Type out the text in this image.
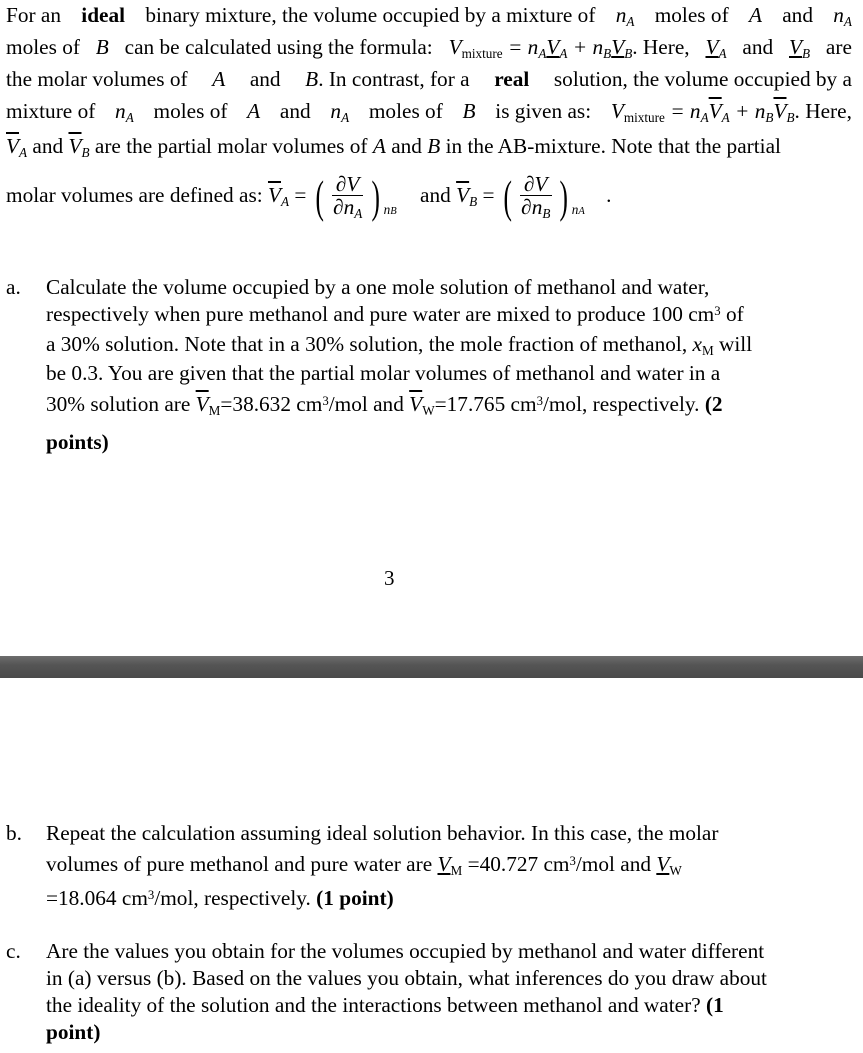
For an ideal binary mixture, the volume occupied by a mixture of nA moles of A and nA
moles of B can be calculated using the formula: Vmixture = nAVA + nBVB. Here, VA and VB are
the molar volumes of A and B. In contrast, for a real solution, the volume occupied by a
mixture of nA moles of A and nA moles of B is given as: Vmixture = $nA\overline{V}A + nB\overline{V}B$. Here,
$\overline{V}A$ and $\overline{V}B$ are the partial molar volumes of A and B in the AB-mixture. Note that the partial
molar volumes are defined as: $\overline{V}A$ = ( $\frac{\partial V}{\partial nA}$ ) $_{nB}$ and $\overline{V}B$ = ( $\frac{\partial V}{\partial nB}$ ) $_{nA}$ .
a. Calculate the volume occupied by a one mole solution of methanol and water,
respectively when pure methanol and pure water are mixed to produce 100 $cm^3$ of
a 30% solution. Note that in a 30% solution, the mole fraction of methanol, xM will
be 0.3. You are given that the partial molar volumes of methanol and water in a
30% solution are $\overline{V}M=38.632$ $cm^3$/mol and $\overline{V}W=17.765$ $cm^3$/mol, respectively. (2
points)
3
b. Repeat the calculation assuming ideal solution behavior. In this case, the molar
volumes of pure methanol and pure water are VM =40.727 $cm^3$/mol and VW
=18.064 $cm^3$/mol, respectively. (1 point)
c. Are the values you obtain for the volumes occupied by methanol and water different
in (a) versus (b). Based on the values you obtain, what inferences do you draw about
the ideality of the solution and the interactions between methanol and water? (1
point)
